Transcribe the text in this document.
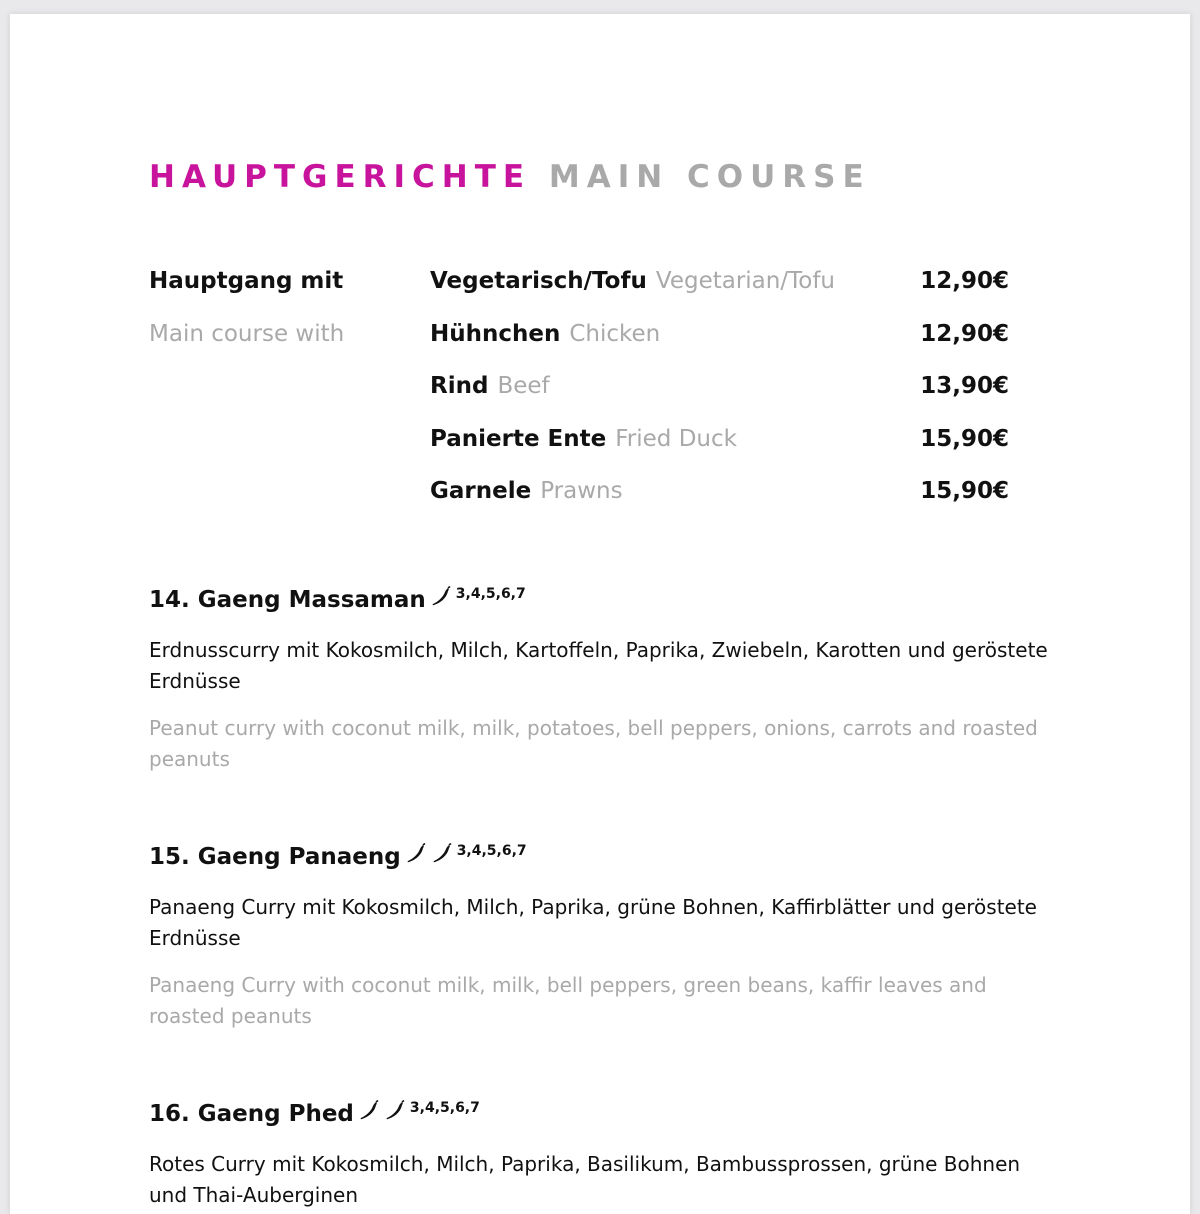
HAUPTGERICHTE MAIN COURSE
Hauptgang mit	Vegetarisch/Tofu Vegetarian/Tofu	12,90€
Main course with	Hühnchen Chicken	12,90€
Rind Beef	13,90€
Panierte Ente Fried Duck	15,90€
Garnele Prawns	15,90€
14. Gaeng Massaman $^{3,4,5,6,7}$
Erdnusscurry mit Kokosmilch, Milch, Kartoffeln, Paprika, Zwiebeln, Karotten und geröstete Erdnüsse
Peanut curry with coconut milk, milk, potatoes, bell peppers, onions, carrots and roasted peanuts
15. Gaeng Panaeng	$^{3,4,5,6,7}$
Panaeng Curry mit Kokosmilch, Milch, Paprika, grüne Bohnen, Kaffirblätter und geröstete Erdnüsse
Panaeng Curry with coconut milk, milk, bell peppers, green beans, kaffir leaves and roasted peanuts
16. Gaeng Phed	$^{3,4,5,6,7}$
Rotes Curry mit Kokosmilch, Milch, Paprika, Basilikum, Bambussprossen, grüne Bohnen und Thai-Auberginen
